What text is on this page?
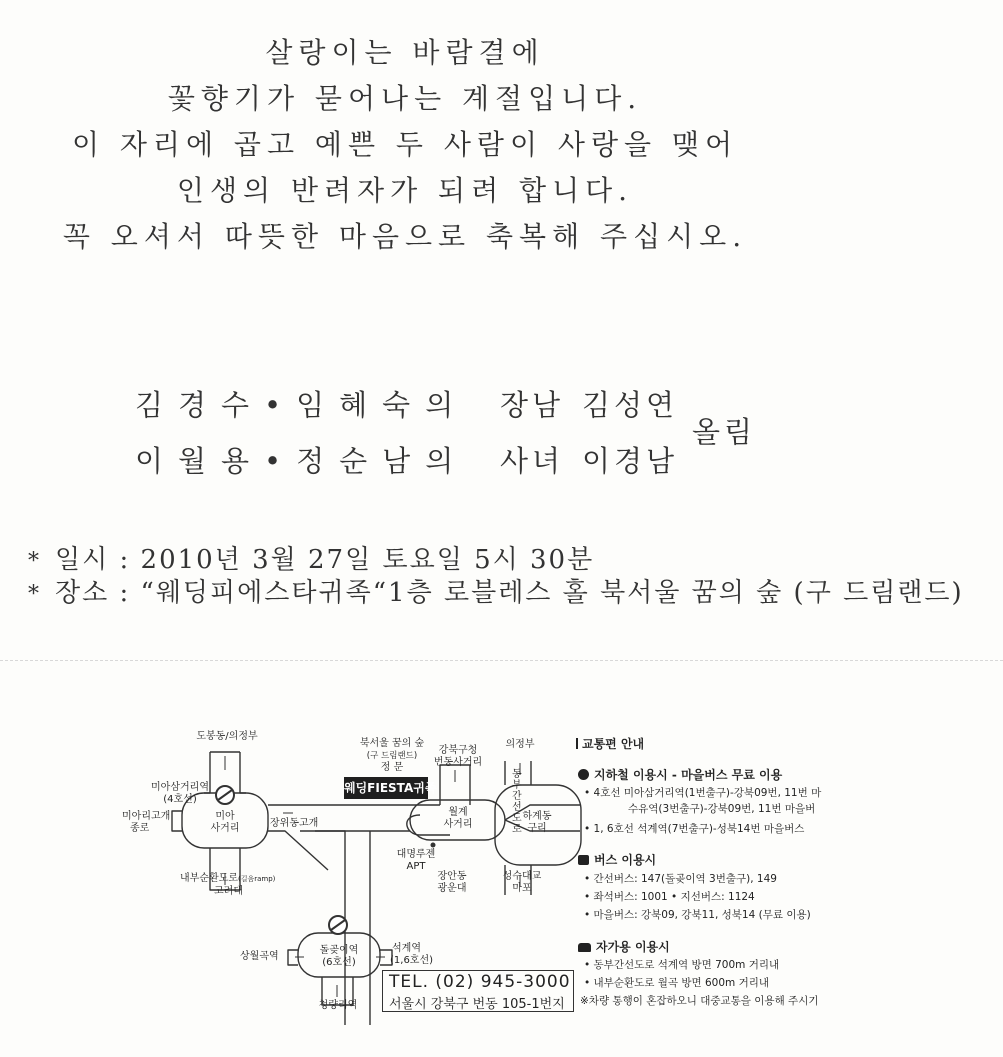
살랑이는 바람결에
꽃향기가 묻어나는 계절입니다.
이 자리에 곱고 예쁜 두 사람이 사랑을 맺어
인생의 반려자가 되려 합니다.
꼭 오셔서 따뜻한 마음으로 축복해 주십시오.
김경수•임혜숙의 장남 김성연
이월용•정순남의 사녀 이경남
올림
* 일시 : 2010년 3월 27일 토요일 5시 30분
* 장소 : “웨딩피에스타귀족“1층 로블레스 홀 북서울 꿈의 숲 (구 드림랜드)
도봉동/의정부
미아삼거리역
(4호선)
미아리고개
종로
미아
사거리
내부순환도로(길음ramp)
고려대
장위동고개
북서울 꿈의 숲
(구 드림랜드)
정 문
웨딩FIESTA귀족
강북구청
번동사거리
월계
사거리
의정부
동부간선도로
하계동
구리
대명루젠
APT
장안동
광운대
성수대교
마포
상월곡역
돌곶이역
(6호선)
석계역
(1,6호선)
청량리역
TEL. (02) 945-3000
서울시 강북구 번동 105-1번지
교통편 안내
지하철 이용시 - 마을버스 무료 이용
• 4호선 미아삼거리역(1번출구)-강북09번, 11번 마
수유역(3번출구)-강북09번, 11번 마을버
• 1, 6호선 석계역(7번출구)-성북14번 마을버스
버스 이용시
• 간선버스: 147(돌곶이역 3번출구), 149
• 좌석버스: 1001 • 지선버스: 1124
• 마을버스: 강북09, 강북11, 성북14 (무료 이용)
자가용 이용시
• 동부간선도로 석계역 방면 700m 거리내
• 내부순환도로 월곡 방면 600m 거리내
※차량 통행이 혼잡하오니 대중교통을 이용해 주시기
